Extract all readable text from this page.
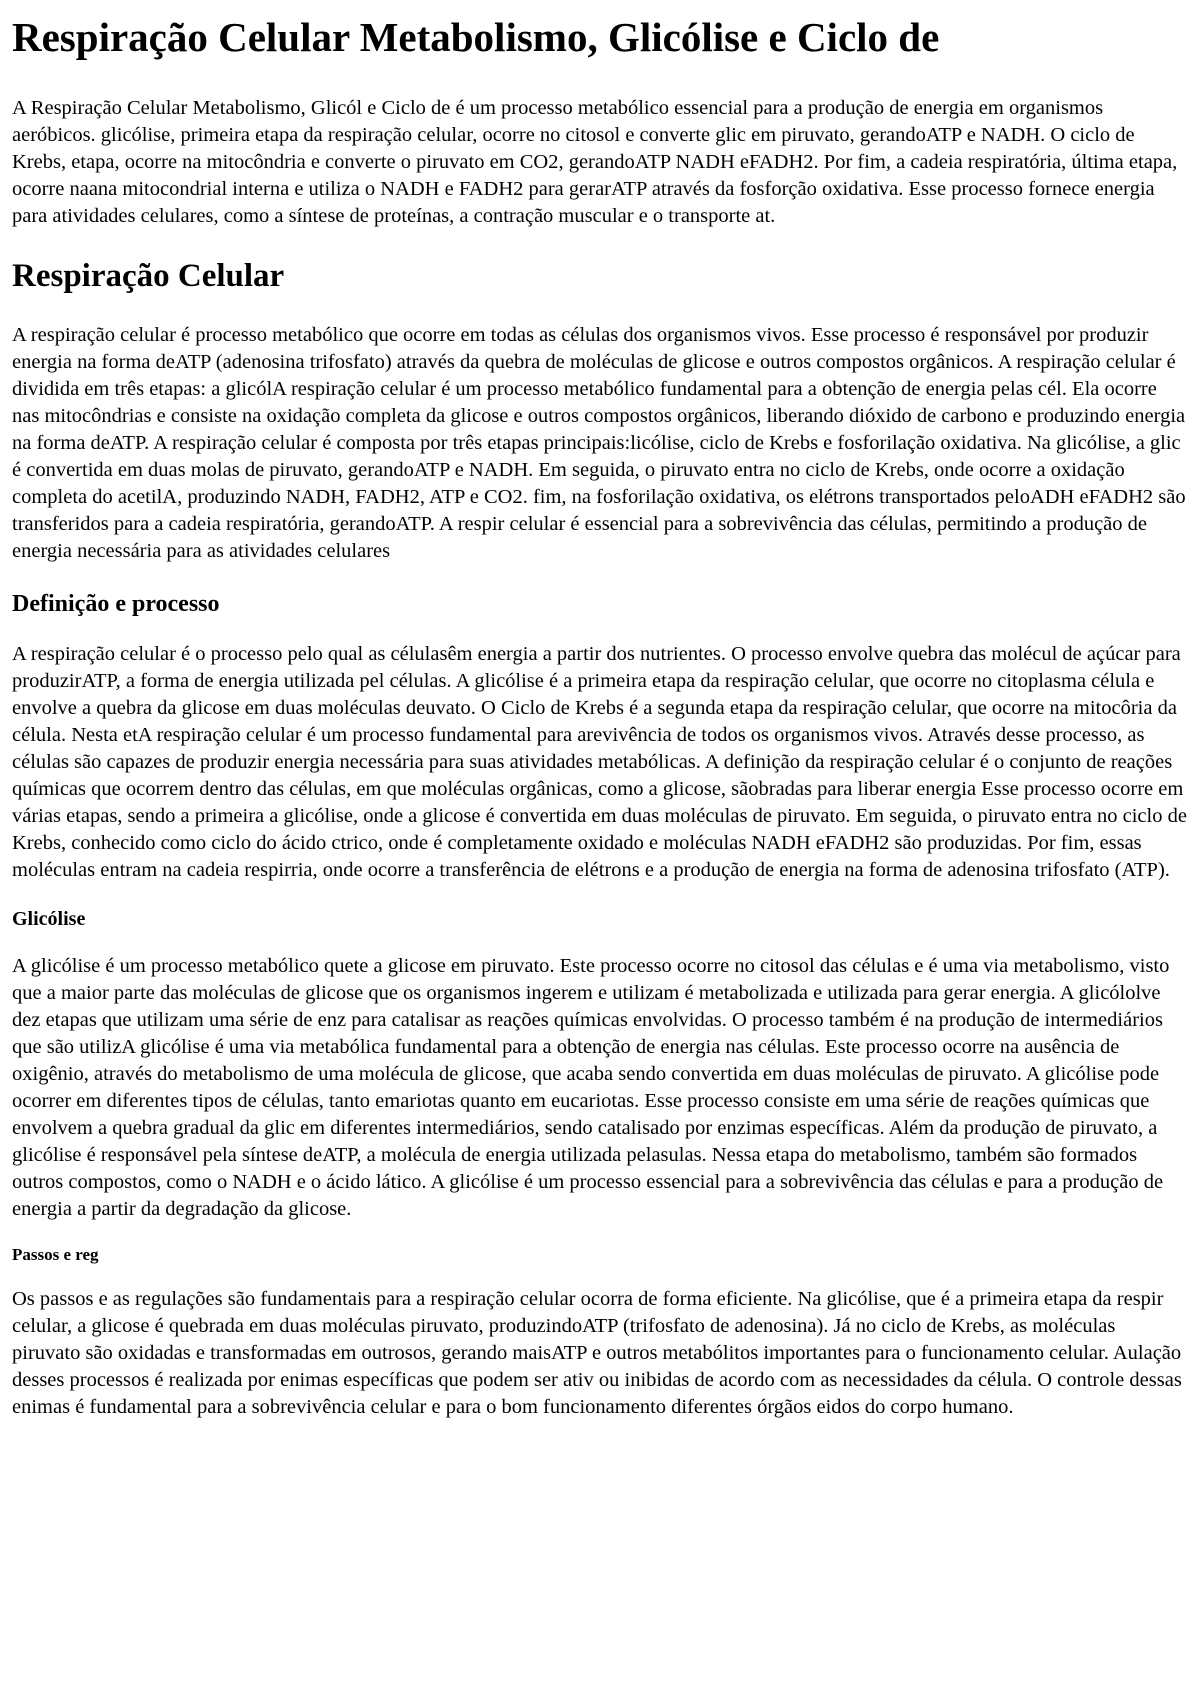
Respiração Celular Metabolismo, Glicólise e Ciclo de

A Respiração Celular Metabolismo, Glicól e Ciclo de é um processo metabólico essencial para a produção de energia em organismos aeróbicos. glicólise, primeira etapa da respiração celular, ocorre no citosol e converte glic em piruvato, gerandoATP e NADH. O ciclo de Krebs, etapa, ocorre na mitocôndria e converte o piruvato em CO2, gerandoATP NADH eFADH2. Por fim, a cadeia respiratória, última etapa, ocorre naana mitocondrial interna e utiliza o NADH e FADH2 para gerarATP através da fosforção oxidativa. Esse processo fornece energia para atividades celulares, como a síntese de proteínas, a contração muscular e o transporte at.

Respiração Celular

A respiração celular é processo metabólico que ocorre em todas as células dos organismos vivos. Esse processo é responsável por produzir energia na forma deATP (adenosina trifosfato) através da quebra de moléculas de glicose e outros compostos orgânicos. A respiração celular é dividida em três etapas: a glicólA respiração celular é um processo metabólico fundamental para a obtenção de energia pelas cél. Ela ocorre nas mitocôndrias e consiste na oxidação completa da glicose e outros compostos orgânicos, liberando dióxido de carbono e produzindo energia na forma deATP. A respiração celular é composta por três etapas principais:licólise, ciclo de Krebs e fosforilação oxidativa. Na glicólise, a glic é convertida em duas molas de piruvato, gerandoATP e NADH. Em seguida, o piruvato entra no ciclo de Krebs, onde ocorre a oxidação completa do acetilA, produzindo NADH, FADH2, ATP e CO2. fim, na fosforilação oxidativa, os elétrons transportados peloADH eFADH2 são transferidos para a cadeia respiratória, gerandoATP. A respir celular é essencial para a sobrevivência das células, permitindo a produção de energia necessária para as atividades celulares

Definição e processo

A respiração celular é o processo pelo qual as célulasêm energia a partir dos nutrientes. O processo envolve quebra das molécul de açúcar para produzirATP, a forma de energia utilizada pel células. A glicólise é a primeira etapa da respiração celular, que ocorre no citoplasma célula e envolve a quebra da glicose em duas moléculas deuvato. O Ciclo de Krebs é a segunda etapa da respiração celular, que ocorre na mitocôria da célula. Nesta etA respiração celular é um processo fundamental para arevivência de todos os organismos vivos. Através desse processo, as células são capazes de produzir energia necessária para suas atividades metabólicas. A definição da respiração celular é o conjunto de reações químicas que ocorrem dentro das células, em que moléculas orgânicas, como a glicose, sãobradas para liberar energia Esse processo ocorre em várias etapas, sendo a primeira a glicólise, onde a glicose é convertida em duas moléculas de piruvato. Em seguida, o piruvato entra no ciclo de Krebs, conhecido como ciclo do ácido ctrico, onde é completamente oxidado e moléculas NADH eFADH2 são produzidas. Por fim, essas moléculas entram na cadeia respirria, onde ocorre a transferência de elétrons e a produção de energia na forma de adenosina trifosfato (ATP).

Glicólise

A glicólise é um processo metabólico quete a glicose em piruvato. Este processo ocorre no citosol das células e é uma via metabolismo, visto que a maior parte das moléculas de glicose que os organismos ingerem e utilizam é metabolizada e utilizada para gerar energia. A glicólolve dez etapas que utilizam uma série de enz para catalisar as reações químicas envolvidas. O processo também é na produção de intermediários que são utilizA glicólise é uma via metabólica fundamental para a obtenção de energia nas células. Este processo ocorre na ausência de oxigênio, através do metabolismo de uma molécula de glicose, que acaba sendo convertida em duas moléculas de piruvato. A glicólise pode ocorrer em diferentes tipos de células, tanto emariotas quanto em eucariotas. Esse processo consiste em uma série de reações químicas que envolvem a quebra gradual da glic em diferentes intermediários, sendo catalisado por enzimas específicas. Além da produção de piruvato, a glicólise é responsável pela síntese deATP, a molécula de energia utilizada pelasulas. Nessa etapa do metabolismo, também são formados outros compostos, como o NADH e o ácido lático. A glicólise é um processo essencial para a sobrevivência das células e para a produção de energia a partir da degradação da glicose.

Passos e reg

Os passos e as regulações são fundamentais para a respiração celular ocorra de forma eficiente. Na glicólise, que é a primeira etapa da respir celular, a glicose é quebrada em duas moléculas piruvato, produzindoATP (trifosfato de adenosina). Já no ciclo de Krebs, as moléculas piruvato são oxidadas e transformadas em outrosos, gerando maisATP e outros metabólitos importantes para o funcionamento celular. Aulação desses processos é realizada por enimas específicas que podem ser ativ ou inibidas de acordo com as necessidades da célula. O controle dessas enimas é fundamental para a sobrevivência celular e para o bom funcionamento diferentes órgãos eidos do corpo humano.
